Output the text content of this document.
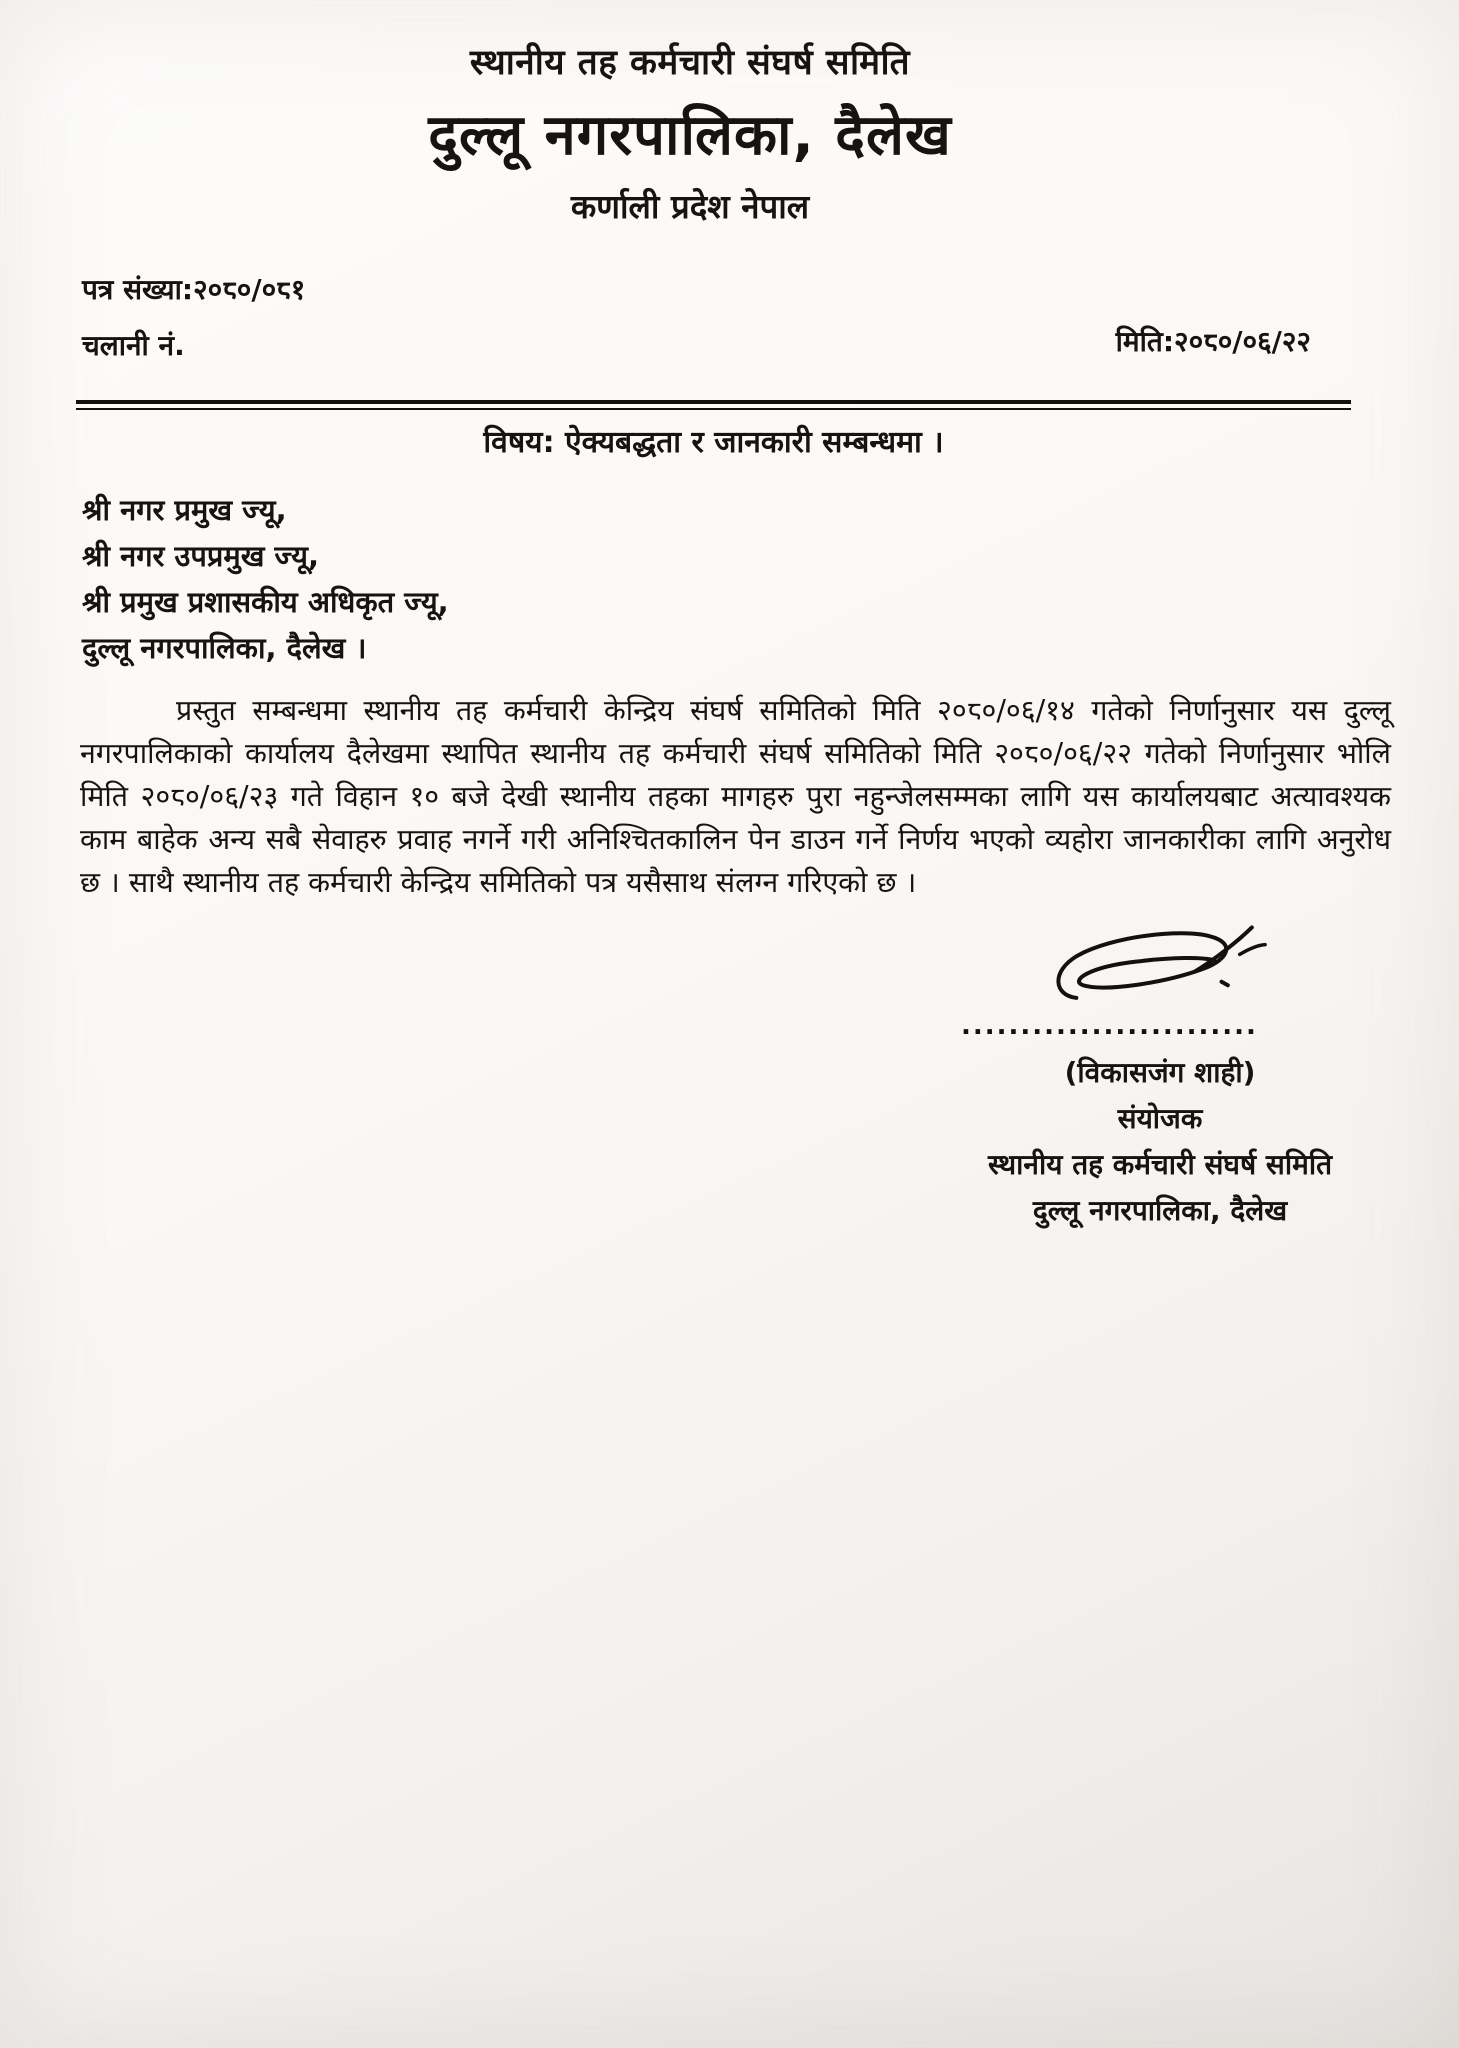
स्थानीय तह कर्मचारी संघर्ष समिति
दुल्लू नगरपालिका, दैलेख
कर्णाली प्रदेश नेपाल
पत्र संख्या:२०८०/०८१
चलानी नं.	मिति:२०८०/०६/२२
विषय: ऐक्यबद्धता र जानकारी सम्बन्धमा ।
श्री नगर प्रमुख ज्यू,
श्री नगर उपप्रमुख ज्यू,
श्री प्रमुख प्रशासकीय अधिकृत ज्यू,
दुल्लू नगरपालिका, दैलेख ।

प्रस्तुत सम्बन्धमा स्थानीय तह कर्मचारी केन्द्रिय संघर्ष समितिको मिति २०८०/०६/१४ गतेको निर्णानुसार यस दुल्लू नगरपालिकाको कार्यालय दैलेखमा स्थापित स्थानीय तह कर्मचारी संघर्ष समितिको मिति २०८०/०६/२२ गतेको निर्णानुसार भोलि मिति २०८०/०६/२३ गते विहान १० बजे देखी स्थानीय तहका मागहरु पुरा नहुन्जेलसम्मका लागि यस कार्यालयबाट अत्यावश्यक काम बाहेक अन्य सबै सेवाहरु प्रवाह नगर्ने गरी अनिश्चितकालिन पेन डाउन गर्ने निर्णय भएको व्यहोरा जानकारीका लागि अनुरोध छ । साथै स्थानीय तह कर्मचारी केन्द्रिय समितिको पत्र यसैसाथ संलग्न गरिएको छ ।

.........................
(विकासजंग शाही)
संयोजक
स्थानीय तह कर्मचारी संघर्ष समिति
दुल्लू नगरपालिका, दैलेख
